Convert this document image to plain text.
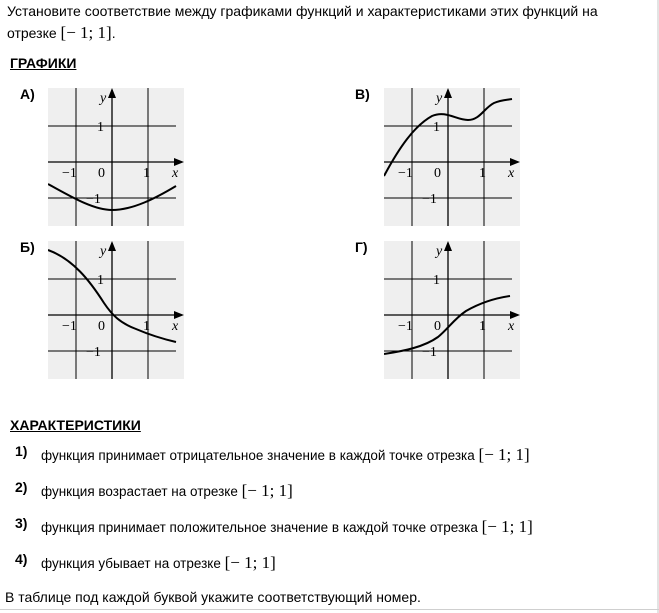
Установите соответствие между графиками функций и характеристиками этих функций на
отрезке [− 1; 1].
ГРАФИКИ
А)	В)
Б)	Г)
y
1
−1 0	1 x
−1
y
1
−1 0	1 x
−1
y
1
−1 0	1 x
−1
y
1
−1 0	1 x
−1
ХАРАКТЕРИСТИКИ
1) функция принимает отрицательное значение в каждой точке отрезка [− 1; 1]
2) функция возрастает на отрезке [− 1; 1]
3) функция принимает положительное значение в каждой точке отрезка [− 1; 1]
4) функция убывает на отрезке [− 1; 1]
В таблице под каждой буквой укажите соответствующий номер.
